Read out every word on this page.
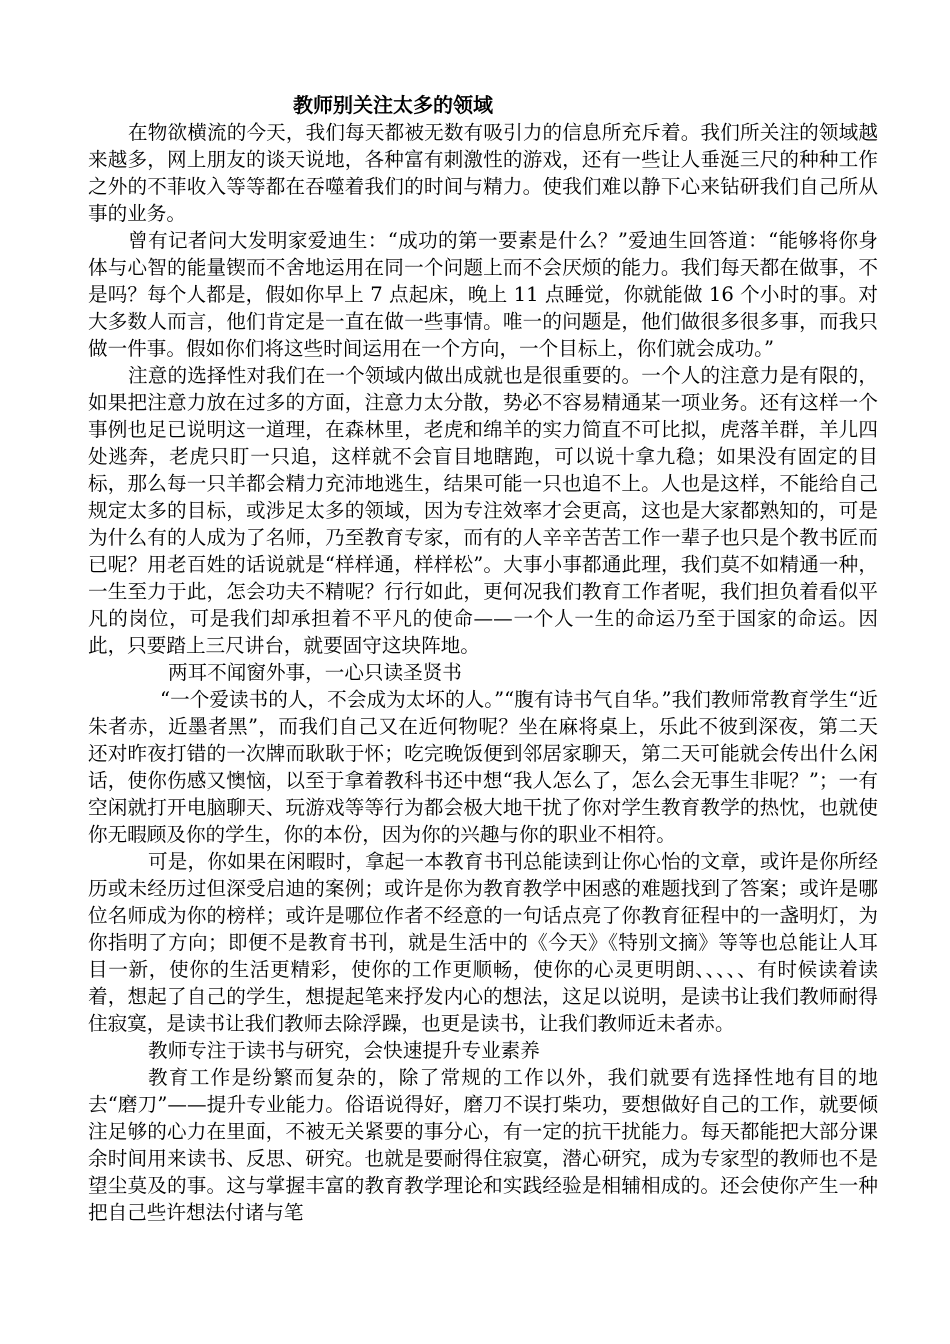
教师别关注太多的领域

在物欲横流的今天，我们每天都被无数有吸引力的信息所充斥着。我们所关注的领域越来越多，网上朋友的谈天说地，各种富有刺激性的游戏，还有一些让人垂涎三尺的种种工作之外的不菲收入等等都在吞噬着我们的时间与精力。使我们难以静下心来钻研我们自己所从事的业务。

曾有记者问大发明家爱迪生：“成功的第一要素是什么？”爱迪生回答道：“能够将你身体与心智的能量锲而不舍地运用在同一个问题上而不会厌烦的能力。我们每天都在做事，不是吗？每个人都是，假如你早上 7 点起床，晚上 11 点睡觉，你就能做 16 个小时的事。对大多数人而言，他们肯定是一直在做一些事情。唯一的问题是，他们做很多很多事，而我只做一件事。假如你们将这些时间运用在一个方向，一个目标上，你们就会成功。”

注意的选择性对我们在一个领域内做出成就也是很重要的。一个人的注意力是有限的，如果把注意力放在过多的方面，注意力太分散，势必不容易精通某一项业务。还有这样一个事例也足已说明这一道理，在森林里，老虎和绵羊的实力简直不可比拟，虎落羊群，羊儿四处逃奔，老虎只盯一只追，这样就不会盲目地瞎跑，可以说十拿九稳；如果没有固定的目标，那么每一只羊都会精力充沛地逃生，结果可能一只也追不上。人也是这样，不能给自己规定太多的目标，或涉足太多的领域，因为专注效率才会更高，这也是大家都熟知的，可是为什么有的人成为了名师，乃至教育专家，而有的人辛辛苦苦工作一辈子也只是个教书匠而已呢？用老百姓的话说就是“样样通，样样松”。大事小事都通此理，我们莫不如精通一种，一生至力于此，怎会功夫不精呢？行行如此，更何况我们教育工作者呢，我们担负着看似平凡的岗位，可是我们却承担着不平凡的使命——一个人一生的命运乃至于国家的命运。因此，只要踏上三尺讲台，就要固守这块阵地。

两耳不闻窗外事，一心只读圣贤书

“一个爱读书的人，不会成为太坏的人。”“腹有诗书气自华。”我们教师常教育学生“近朱者赤，近墨者黑”，而我们自己又在近何物呢？坐在麻将桌上，乐此不彼到深夜，第二天还对昨夜打错的一次牌而耿耿于怀；吃完晚饭便到邻居家聊天，第二天可能就会传出什么闲话，使你伤感又懊恼，以至于拿着教科书还中想“我人怎么了，怎么会无事生非呢？”；一有空闲就打开电脑聊天、玩游戏等等行为都会极大地干扰了你对学生教育教学的热忱，也就使你无暇顾及你的学生，你的本份，因为你的兴趣与你的职业不相符。

可是，你如果在闲暇时，拿起一本教育书刊总能读到让你心怡的文章，或许是你所经历或未经历过但深受启迪的案例；或许是你为教育教学中困惑的难题找到了答案；或许是哪位名师成为你的榜样；或许是哪位作者不经意的一句话点亮了你教育征程中的一盏明灯，为你指明了方向；即便不是教育书刊，就是生活中的《今天》《特别文摘》等等也总能让人耳目一新，使你的生活更精彩，使你的工作更顺畅，使你的心灵更明朗、、、、、有时候读着读着，想起了自己的学生，想提起笔来抒发内心的想法，这足以说明，是读书让我们教师耐得住寂寞，是读书让我们教师去除浮躁，也更是读书，让我们教师近未者赤。

教师专注于读书与研究，会快速提升专业素养

教育工作是纷繁而复杂的，除了常规的工作以外，我们就要有选择性地有目的地去“磨刀”——提升专业能力。俗语说得好，磨刀不误打柴功，要想做好自己的工作，就要倾注足够的心力在里面，不被无关紧要的事分心，有一定的抗干扰能力。每天都能把大部分课余时间用来读书、反思、研究。也就是要耐得住寂寞，潜心研究，成为专家型的教师也不是望尘莫及的事。这与掌握丰富的教育教学理论和实践经验是相辅相成的。还会使你产生一种把自己些许想法付诸与笔
